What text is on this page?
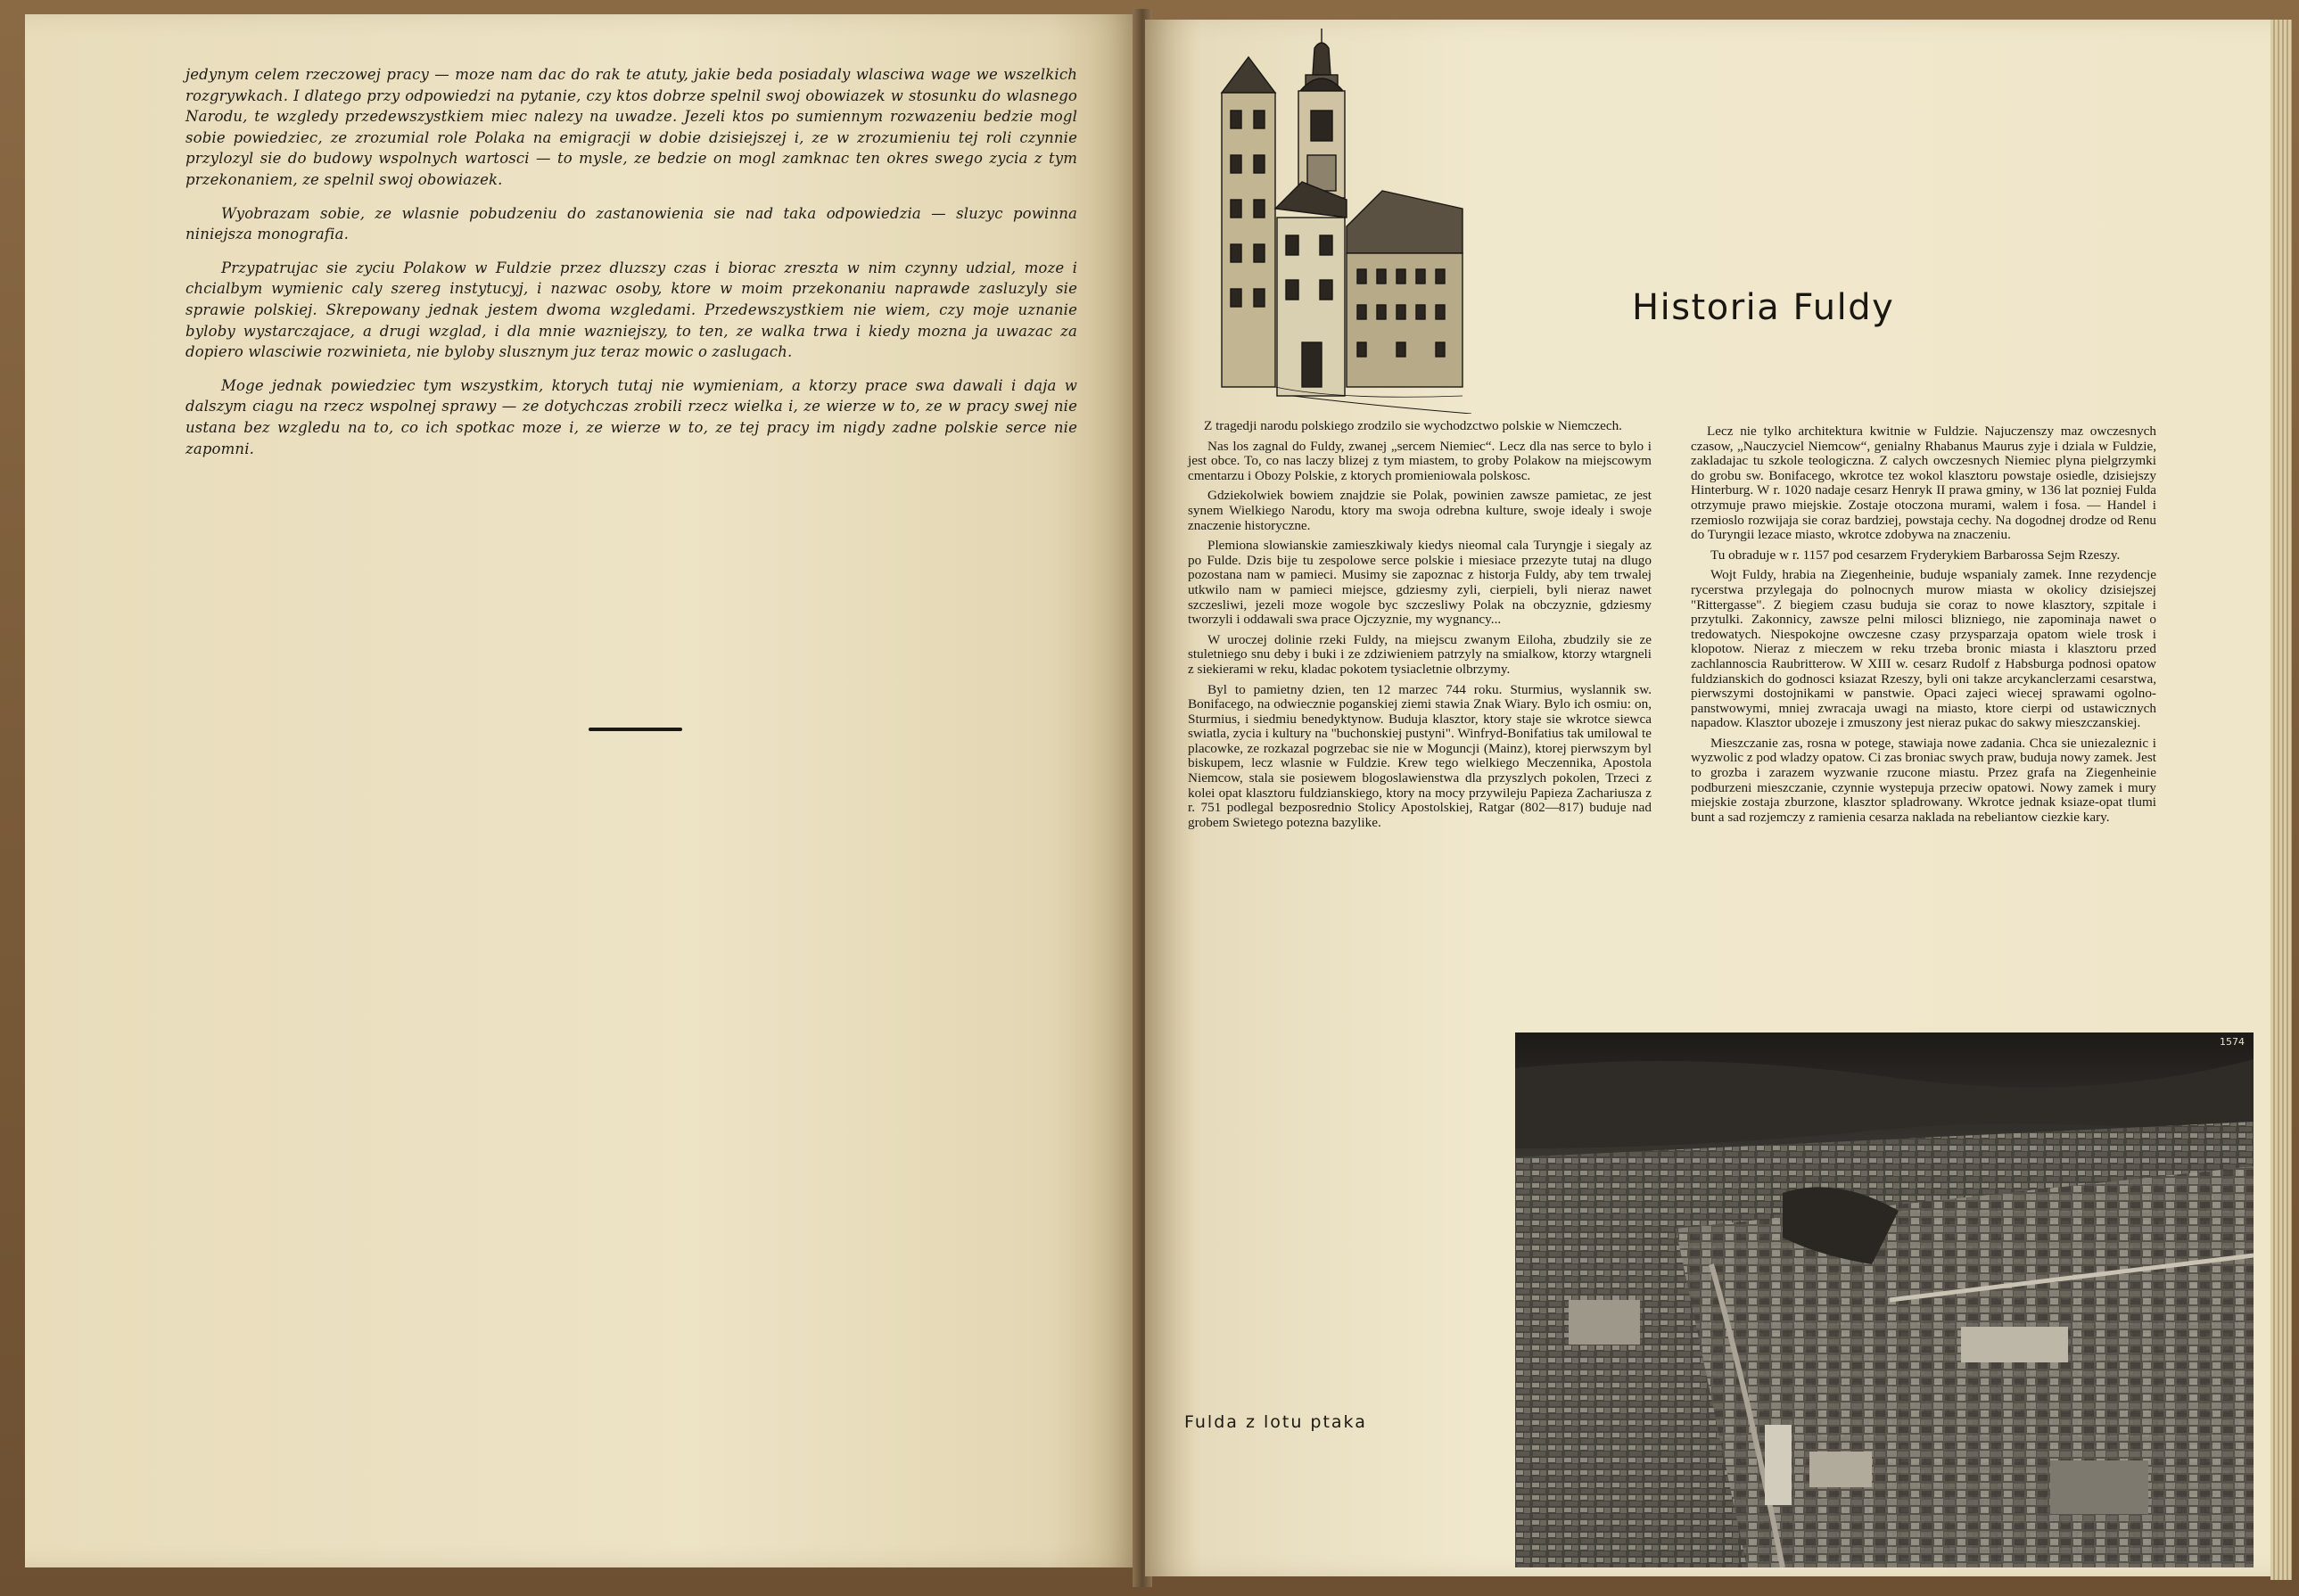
jedynym celem rzeczowej pracy — moze nam dac do rak te atuty, jakie beda posiadaly wlasciwa wage we wszelkich rozgrywkach. I dlatego przy odpowiedzi na pytanie, czy ktos dobrze spelnil swoj obowiazek w stosunku do wlasnego Narodu, te wzgledy przedewszystkiem miec nalezy na uwadze. Jezeli ktos po sumiennym rozwazeniu bedzie mogl sobie powiedziec, ze zrozumial role Polaka na emigracji w dobie dzisiejszej i, ze w zrozumieniu tej roli czynnie przylozyl sie do budowy wspolnych wartosci — to mysle, ze bedzie on mogl zamknac ten okres swego zycia z tym przekonaniem, ze spelnil swoj obowiazek.

Wyobrazam sobie, ze wlasnie pobudzeniu do zastanowienia sie nad taka odpowiedzia — sluzyc powinna niniejsza monografia.

Przypatrujac sie zyciu Polakow w Fuldzie przez dluzszy czas i biorac zreszta w nim czynny udzial, moze i chcialbym wymienic caly szereg instytucyj, i nazwac osoby, ktore w moim przekonaniu naprawde zasluzyly sie sprawie polskiej. Skrepowany jednak jestem dwoma wzgledami. Przedewszystkiem nie wiem, czy moje uznanie byloby wystarczajace, a drugi wzglad, i dla mnie wazniejszy, to ten, ze walka trwa i kiedy mozna ja uwazac za dopiero wlasciwie rozwinieta, nie byloby slusznym juz teraz mowic o zaslugach.

Moge jednak powiedziec tym wszystkim, ktorych tutaj nie wymieniam, a ktorzy prace swa dawali i daja w dalszym ciagu na rzecz wspolnej sprawy — ze dotychczas zrobili rzecz wielka i, ze wierze w to, ze w pracy swej nie ustana bez wzgledu na to, co ich spotkac moze i, ze wierze w to, ze tej pracy im nigdy zadne polskie serce nie zapomni.

Historia Fuldy

Z tragedji narodu polskiego zrodzilo sie wychodzctwo polskie w Niemczech.

Nas los zagnal do Fuldy, zwanej „sercem Niemiec“. Lecz dla nas serce to bylo i jest obce. To, co nas laczy blizej z tym miastem, to groby Polakow na miejscowym cmentarzu i Obozy Polskie, z ktorych promieniowala polskosc.

Gdziekolwiek bowiem znajdzie sie Polak, powinien zawsze pamietac, ze jest synem Wielkiego Narodu, ktory ma swoja odrebna kulture, swoje idealy i swoje znaczenie historyczne.

Plemiona slowianskie zamieszkiwaly kiedys nieomal cala Turyngje i siegaly az po Fulde. Dzis bije tu zespolowe serce polskie i miesiace przezyte tutaj na dlugo pozostana nam w pamieci. Musimy sie zapoznac z historja Fuldy, aby tem trwalej utkwilo nam w pamieci miejsce, gdziesmy zyli, cierpieli, byli nieraz nawet szczesliwi, jezeli moze wogole byc szczesliwy Polak na obczyznie, gdziesmy tworzyli i oddawali swa prace Ojczyznie, my wygnancy...

W uroczej dolinie rzeki Fuldy, na miejscu zwanym Eiloha, zbudzily sie ze stuletniego snu deby i buki i ze zdziwieniem patrzyly na smialkow, ktorzy wtargneli z siekierami w reku, kladac pokotem tysiacletnie olbrzymy.

Byl to pamietny dzien, ten 12 marzec 744 roku. Sturmius, wyslannik sw. Bonifacego, na odwiecznie poganskiej ziemi stawia Znak Wiary. Bylo ich osmiu: on, Sturmius, i siedmiu benedyktynow. Buduja klasztor, ktory staje sie wkrotce siewca swiatla, zycia i kultury na "buchonskiej pustyni". Winfryd-Bonifatius tak umilowal te placowke, ze rozkazal pogrzebac sie nie w Moguncji (Mainz), ktorej pierwszym byl biskupem, lecz wlasnie w Fuldzie. Krew tego wielkiego Meczennika, Apostola Niemcow, stala sie posiewem blogoslawienstwa dla przyszlych pokolen, Trzeci z kolei opat klasztoru fuldzianskiego, ktory na mocy przywileju Papieza Zachariusza z r. 751 podlegal bezposrednio Stolicy Apostolskiej, Ratgar (802—817) buduje nad grobem Swietego potezna bazylike.

Lecz nie tylko architektura kwitnie w Fuldzie. Najuczenszy maz owczesnych czasow, „Nauczyciel Niemcow“, genialny Rhabanus Maurus zyje i dziala w Fuldzie, zakladajac tu szkole teologiczna. Z calych owczesnych Niemiec plyna pielgrzymki do grobu sw. Bonifacego, wkrotce tez wokol klasztoru powstaje osiedle, dzisiejszy Hinterburg. W r. 1020 nadaje cesarz Henryk II prawa gminy, w 136 lat pozniej Fulda otrzymuje prawo miejskie. Zostaje otoczona murami, walem i fosa. — Handel i rzemioslo rozwijaja sie coraz bardziej, powstaja cechy. Na dogodnej drodze od Renu do Turyngii lezace miasto, wkrotce zdobywa na znaczeniu.

Tu obraduje w r. 1157 pod cesarzem Fryderykiem Barbarossa Sejm Rzeszy.

Wojt Fuldy, hrabia na Ziegenheinie, buduje wspanialy zamek. Inne rezydencje rycerstwa przylegaja do polnocnych murow miasta w okolicy dzisiejszej "Rittergasse". Z biegiem czasu buduja sie coraz to nowe klasztory, szpitale i przytulki. Zakonnicy, zawsze pelni milosci blizniego, nie zapominaja nawet o tredowatych. Niespokojne owczesne czasy przysparzaja opatom wiele trosk i klopotow. Nieraz z mieczem w reku trzeba bronic miasta i klasztoru przed zachlannoscia Raubritterow. W XIII w. cesarz Rudolf z Habsburga podnosi opatow fuldzianskich do godnosci ksiazat Rzeszy, byli oni takze arcykanclerzami cesarstwa, pierwszymi dostojnikami w panstwie. Opaci zajeci wiecej sprawami ogolno-panstwowymi, mniej zwracaja uwagi na miasto, ktore cierpi od ustawicznych napadow. Klasztor ubozeje i zmuszony jest nieraz pukac do sakwy mieszczanskiej.

Mieszczanie zas, rosna w potege, stawiaja nowe zadania. Chca sie uniezaleznic i wyzwolic z pod wladzy opatow. Ci zas broniac swych praw, buduja nowy zamek. Jest to grozba i zarazem wyzwanie rzucone miastu. Przez grafa na Ziegenheinie podburzeni mieszczanie, czynnie wystepuja przeciw opatowi. Nowy zamek i mury miejskie zostaja zburzone, klasztor spladrowany. Wkrotce jednak ksiaze-opat tlumi bunt a sad rozjemczy z ramienia cesarza naklada na rebeliantow ciezkie kary.

Fulda z lotu ptaka
1574
